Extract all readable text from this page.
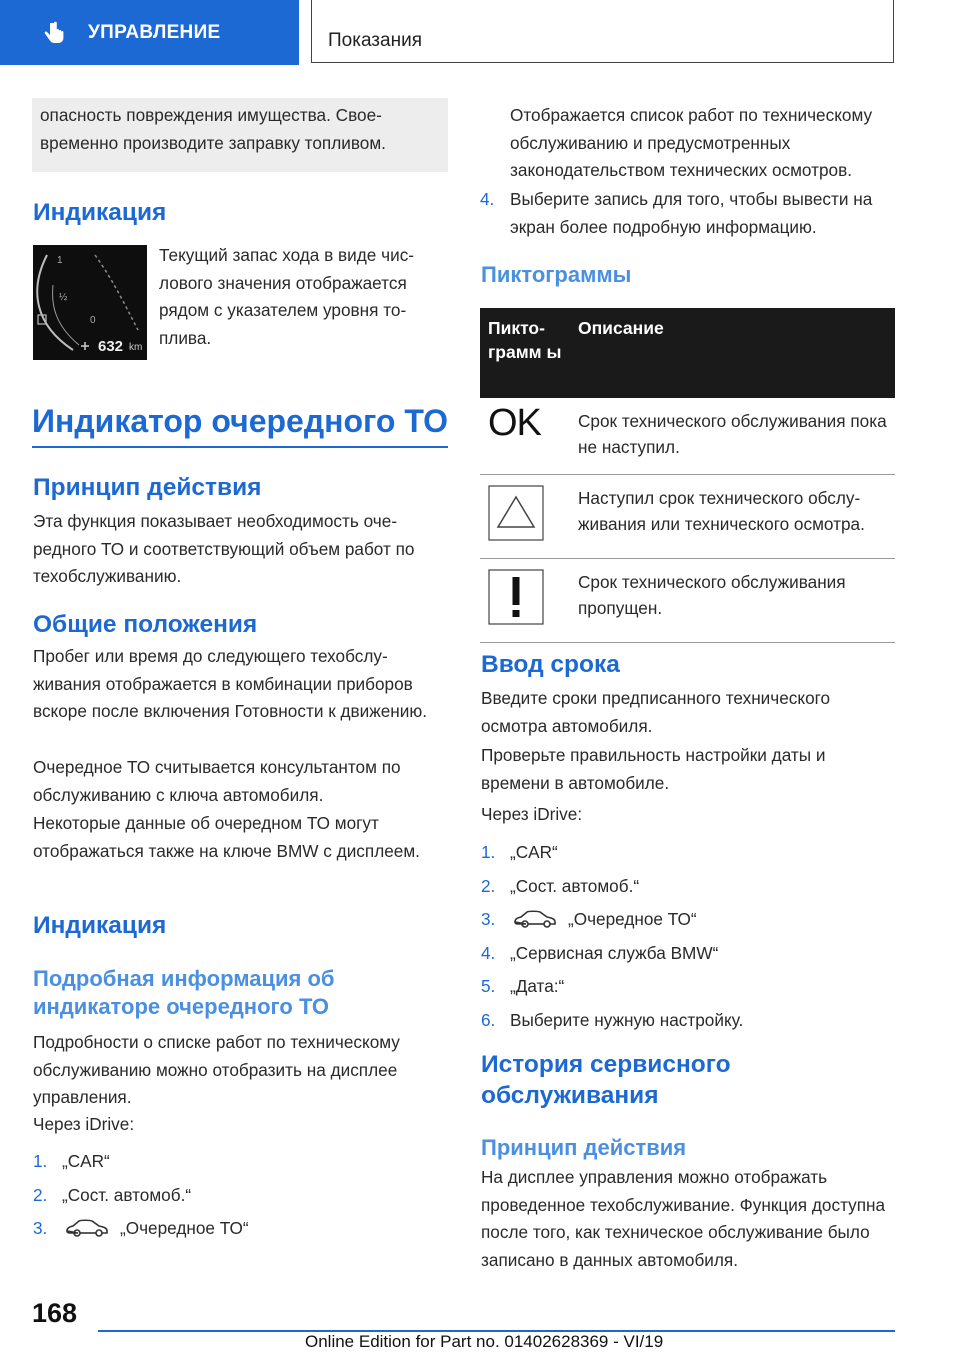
УПРАВЛЕНИЕ	Показания

опасность повреждения имущества. Своевременно производите заправку топливом.

Индикация
1
½
0
632 km

Текущий запас хода в виде числового значения отображается рядом с указателем уровня топлива.

Индикатор очередного ТО
Принцип действия

Эта функция показывает необходимость очередного ТО и соответствующий объем работ по техобслуживанию.

Общие положения

Пробег или время до следующего техобслуживания отображается в комбинации приборов вскоре после включения Готовности к движению.

Очередное ТО считывается консультантом по обслуживанию с ключа автомобиля.

Некоторые данные об очередном ТО могут отображаться также на ключе BMW с дисплеем.

Индикация
Подробная информация об индикаторе очередного ТО

Подробности о списке работ по техническому обслуживанию можно отобразить на дисплее управления.

Через iDrive:

1. „CAR“
2. „Сост. автомоб.“
3.	„Очередное ТО“

Отображается список работ по техническому обслуживанию и предусмотренных законодательством технических осмотров.

4. Выберите запись для того, чтобы вывести на экран более подробную информацию.
Пиктограммы
Пиктограмм ы	Описание
OK	Срок технического обслуживания пока не наступил.
	Наступил срок технического обслуживания или технического осмотра.
	Срок технического обслуживания пропущен.
Ввод срока

Введите сроки предписанного технического осмотра автомобиля.

Проверьте правильность настройки даты и времени в автомобиле.

Через iDrive:

1. „CAR“
2. „Сост. автомоб.“
3.	„Очередное ТО“
4. „Сервисная служба BMW“
5. „Дата:“
6. Выберите нужную настройку.
История сервисного обслуживания
Принцип действия

На дисплее управления можно отображать проведенное техобслуживание. Функция доступна после того, как техническое обслуживание было записано в данных автомобиля.

168
Online Edition for Part no. 01402628369 - VI/19
